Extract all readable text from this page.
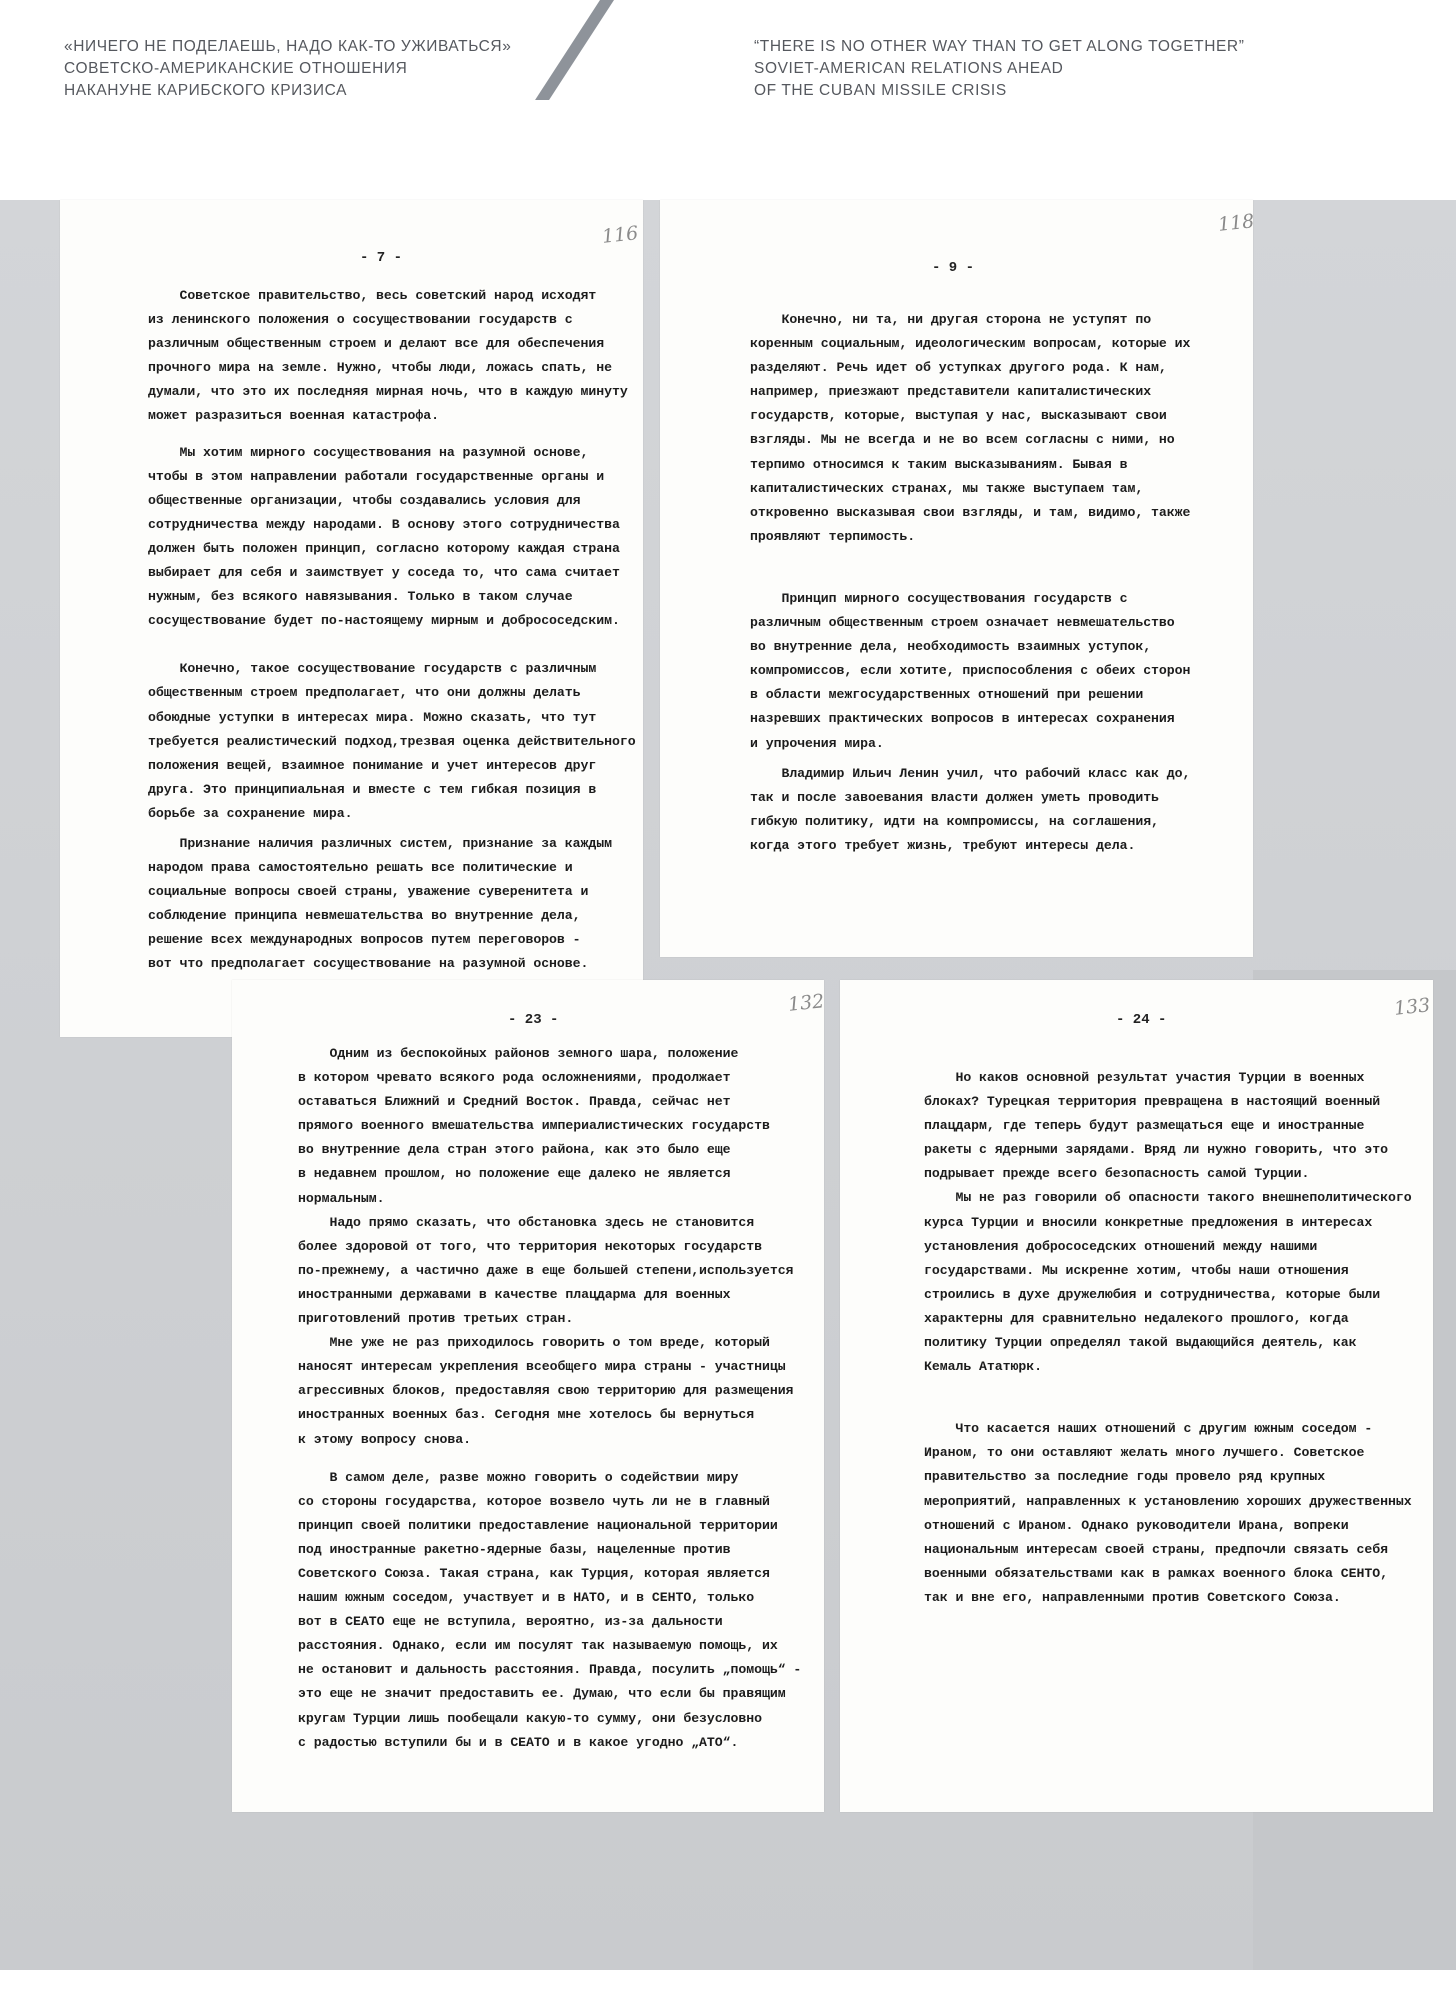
«НИЧЕГО НЕ ПОДЕЛАЕШЬ, НАДО КАК-ТО УЖИВАТЬСЯ»
СОВЕТСКО-АМЕРИКАНСКИЕ ОТНОШЕНИЯ
НАКАНУНЕ КАРИБСКОГО КРИЗИСА
“THERE IS NO OTHER WAY THAN TO GET ALONG TOGETHER”
SOVIET-AMERICAN RELATIONS AHEAD
OF THE CUBAN MISSILE CRISIS
- 7 -
116
Советское правительство, весь советский народ исходят
из ленинского положения о сосуществовании государств с
различным общественным строем и делают все для обеспечения
прочного мира на земле. Нужно, чтобы люди, ложась спать, не
думали, что это их последняя мирная ночь, что в каждую минуту
может разразиться военная катастрофа.
Мы хотим мирного сосуществования на разумной основе,
чтобы в этом направлении работали государственные органы и
общественные организации, чтобы создавались условия для
сотрудничества между народами. В основу этого сотрудничества
должен быть положен принцип, согласно которому каждая страна
выбирает для себя и заимствует у соседа то, что сама считает
нужным, без всякого навязывания. Только в таком случае
сосуществование будет по-настоящему мирным и добрососедским.
Конечно, такое сосуществование государств с различным
общественным строем предполагает, что они должны делать
обоюдные уступки в интересах мира. Можно сказать, что тут
требуется реалистический подход,трезвая оценка действительного
положения вещей, взаимное понимание и учет интересов друг
друга. Это принципиальная и вместе с тем гибкая позиция в
борьбе за сохранение мира.
Признание наличия различных систем, признание за каждым
народом права самостоятельно решать все политические и
социальные вопросы своей страны, уважение суверенитета и
соблюдение принципа невмешательства во внутренние дела,
решение всех международных вопросов путем переговоров -
вот что предполагает сосуществование на разумной основе.
- 9 -
118
Конечно, ни та, ни другая сторона не уступят по
коренным социальным, идеологическим вопросам, которые их
разделяют. Речь идет об уступках другого рода. К нам,
например, приезжают представители капиталистических
государств, которые, выступая у нас, высказывают свои
взгляды. Мы не всегда и не во всем согласны с ними, но
терпимо относимся к таким высказываниям. Бывая в
капиталистических странах, мы также выступаем там,
откровенно высказывая свои взгляды, и там, видимо, также
проявляют терпимость.
Принцип мирного сосуществования государств с
различным общественным строем означает невмешательство
во внутренние дела, необходимость взаимных уступок,
компромиссов, если хотите, приспособления с обеих сторон
в области межгосударственных отношений при решении
назревших практических вопросов в интересах сохранения
и упрочения мира.
Владимир Ильич Ленин учил, что рабочий класс как до,
так и после завоевания власти должен уметь проводить
гибкую политику, идти на компромиссы, на соглашения,
когда этого требует жизнь, требуют интересы дела.
- 23 -
132
Одним из беспокойных районов земного шара, положение
в котором чревато всякого рода осложнениями, продолжает
оставаться Ближний и Средний Восток. Правда, сейчас нет
прямого военного вмешательства империалистических государств
во внутренние дела стран этого района, как это было еще
в недавнем прошлом, но положение еще далеко не является
нормальным.
Надо прямо сказать, что обстановка здесь не становится
более здоровой от того, что территория некоторых государств
по-прежнему, а частично даже в еще большей степени,используется
иностранными державами в качестве плацдарма для военных
приготовлений против третьих стран.
Мне уже не раз приходилось говорить о том вреде, который
наносят интересам укрепления всеобщего мира страны - участницы
агрессивных блоков, предоставляя свою территорию для размещения
иностранных военных баз. Сегодня мне хотелось бы вернуться
к этому вопросу снова.
В самом деле, разве можно говорить о содействии миру
со стороны государства, которое возвело чуть ли не в главный
принцип своей политики предоставление национальной территории
под иностранные ракетно-ядерные базы, нацеленные против
Советского Союза. Такая страна, как Турция, которая является
нашим южным соседом, участвует и в НАТО, и в СЕНТО, только
вот в СЕАТО еще не вступила, вероятно, из-за дальности
расстояния. Однако, если им посулят так называемую помощь, их
не остановит и дальность расстояния. Правда, посулить „помощь“ -
это еще не значит предоставить ее. Думаю, что если бы правящим
кругам Турции лишь пообещали какую-то сумму, они безусловно
с радостью вступили бы и в СЕАТО и в какое угодно „АТО“.
- 24 -
133
Но каков основной результат участия Турции в военных
блоках? Турецкая территория превращена в настоящий военный
плацдарм, где теперь будут размещаться еще и иностранные
ракеты с ядерными зарядами. Вряд ли нужно говорить, что это
подрывает прежде всего безопасность самой Турции.
Мы не раз говорили об опасности такого внешнеполитического
курса Турции и вносили конкретные предложения в интересах
установления добрососедских отношений между нашими
государствами. Мы искренне хотим, чтобы наши отношения
строились в духе дружелюбия и сотрудничества, которые были
характерны для сравнительно недалекого прошлого, когда
политику Турции определял такой выдающийся деятель, как
Кемаль Ататюрк.
Что касается наших отношений с другим южным соседом -
Ираном, то они оставляют желать много лучшего. Советское
правительство за последние годы провело ряд крупных
мероприятий, направленных к установлению хороших дружественных
отношений с Ираном. Однако руководители Ирана, вопреки
национальным интересам своей страны, предпочли связать себя
военными обязательствами как в рамках военного блока СЕНТО,
так и вне его, направленными против Советского Союза.
